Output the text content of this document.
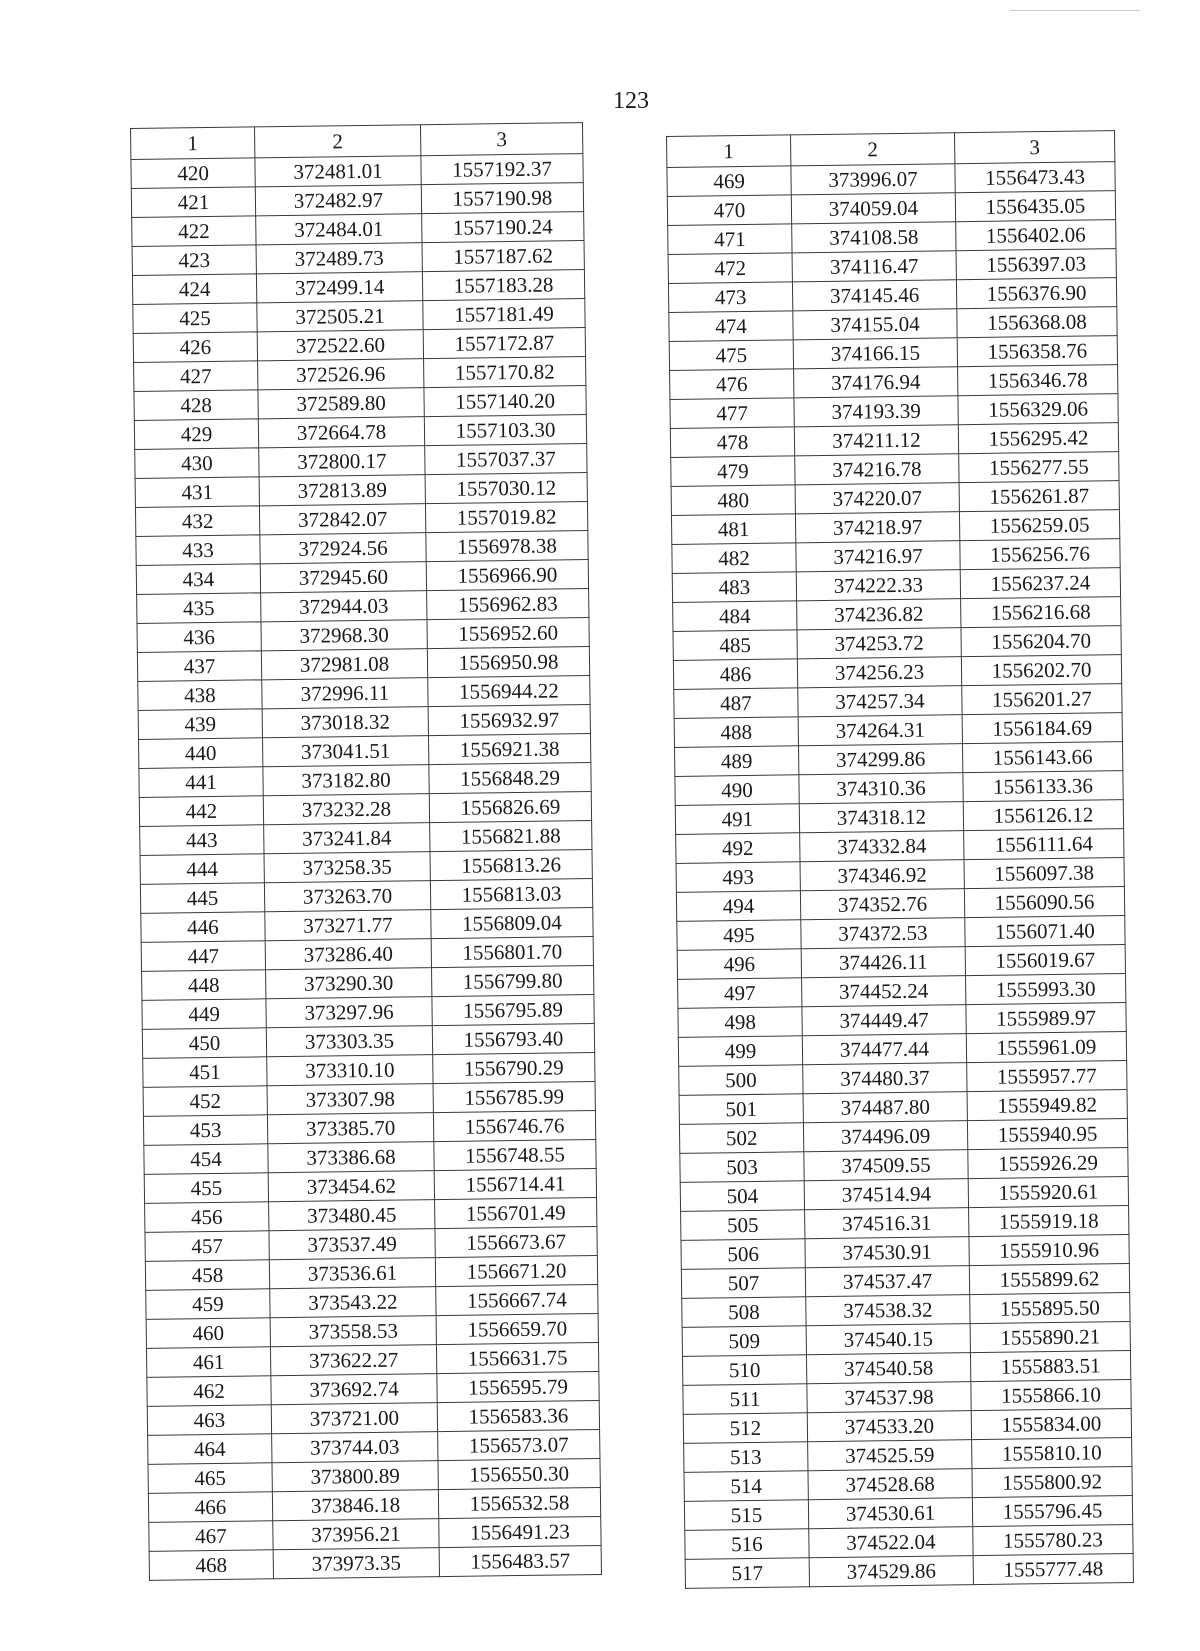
123
1	2	3
420	372481.01	1557192.37
421	372482.97	1557190.98
422	372484.01	1557190.24
423	372489.73	1557187.62
424	372499.14	1557183.28
425	372505.21	1557181.49
426	372522.60	1557172.87
427	372526.96	1557170.82
428	372589.80	1557140.20
429	372664.78	1557103.30
430	372800.17	1557037.37
431	372813.89	1557030.12
432	372842.07	1557019.82
433	372924.56	1556978.38
434	372945.60	1556966.90
435	372944.03	1556962.83
436	372968.30	1556952.60
437	372981.08	1556950.98
438	372996.11	1556944.22
439	373018.32	1556932.97
440	373041.51	1556921.38
441	373182.80	1556848.29
442	373232.28	1556826.69
443	373241.84	1556821.88
444	373258.35	1556813.26
445	373263.70	1556813.03
446	373271.77	1556809.04
447	373286.40	1556801.70
448	373290.30	1556799.80
449	373297.96	1556795.89
450	373303.35	1556793.40
451	373310.10	1556790.29
452	373307.98	1556785.99
453	373385.70	1556746.76
454	373386.68	1556748.55
455	373454.62	1556714.41
456	373480.45	1556701.49
457	373537.49	1556673.67
458	373536.61	1556671.20
459	373543.22	1556667.74
460	373558.53	1556659.70
461	373622.27	1556631.75
462	373692.74	1556595.79
463	373721.00	1556583.36
464	373744.03	1556573.07
465	373800.89	1556550.30
466	373846.18	1556532.58
467	373956.21	1556491.23
468	373973.35	1556483.57
1	2	3
469	373996.07	1556473.43
470	374059.04	1556435.05
471	374108.58	1556402.06
472	374116.47	1556397.03
473	374145.46	1556376.90
474	374155.04	1556368.08
475	374166.15	1556358.76
476	374176.94	1556346.78
477	374193.39	1556329.06
478	374211.12	1556295.42
479	374216.78	1556277.55
480	374220.07	1556261.87
481	374218.97	1556259.05
482	374216.97	1556256.76
483	374222.33	1556237.24
484	374236.82	1556216.68
485	374253.72	1556204.70
486	374256.23	1556202.70
487	374257.34	1556201.27
488	374264.31	1556184.69
489	374299.86	1556143.66
490	374310.36	1556133.36
491	374318.12	1556126.12
492	374332.84	1556111.64
493	374346.92	1556097.38
494	374352.76	1556090.56
495	374372.53	1556071.40
496	374426.11	1556019.67
497	374452.24	1555993.30
498	374449.47	1555989.97
499	374477.44	1555961.09
500	374480.37	1555957.77
501	374487.80	1555949.82
502	374496.09	1555940.95
503	374509.55	1555926.29
504	374514.94	1555920.61
505	374516.31	1555919.18
506	374530.91	1555910.96
507	374537.47	1555899.62
508	374538.32	1555895.50
509	374540.15	1555890.21
510	374540.58	1555883.51
511	374537.98	1555866.10
512	374533.20	1555834.00
513	374525.59	1555810.10
514	374528.68	1555800.92
515	374530.61	1555796.45
516	374522.04	1555780.23
517	374529.86	1555777.48
